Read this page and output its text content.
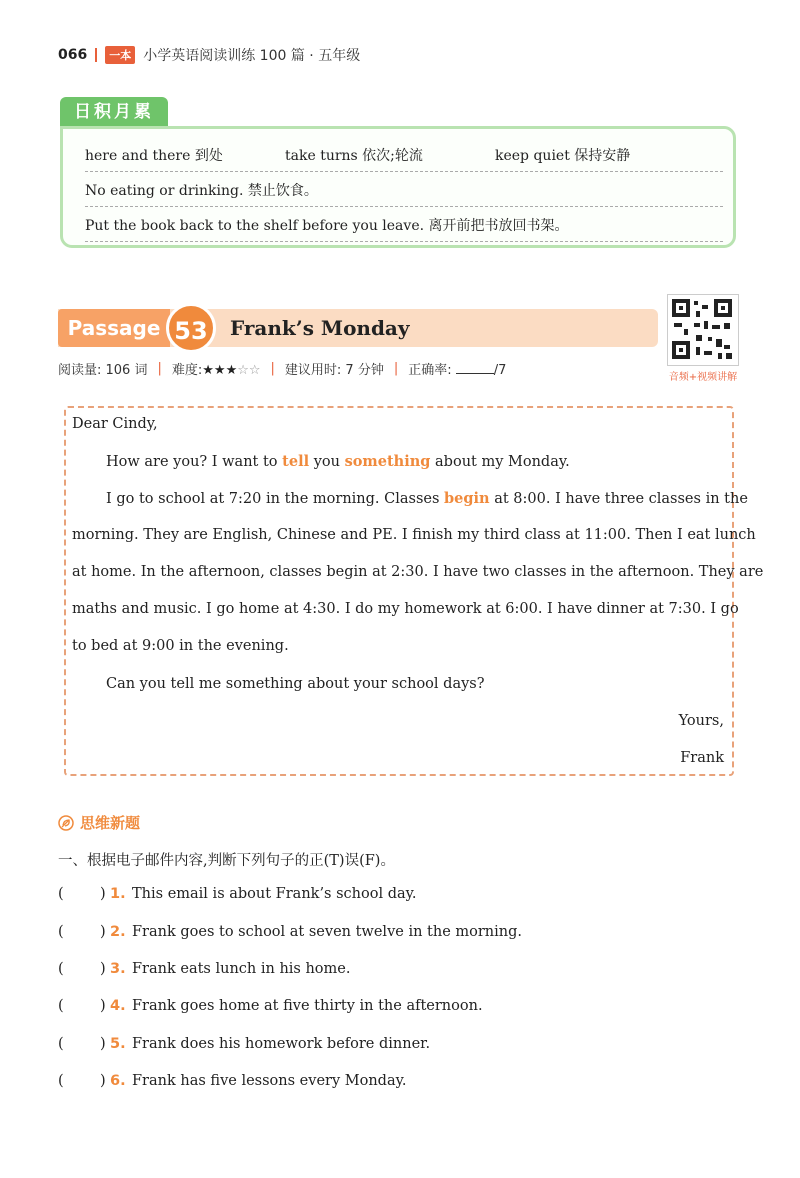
066	一本 小学英语阅读训练 100 篇 · 五年级
日积月累
here and there 到处	take turns 依次;轮流	keep quiet 保持安静
No eating or drinking. 禁止饮食。
Put the book back to the shelf before you leave. 离开前把书放回书架。
Passage 53	Frank’s Monday
音频+视频讲解
阅读量: 106 词 | 难度:★★★☆☆ | 建议用时: 7 分钟 | 正确率:	/7
Dear Cindy,
How are you? I want to tell you something about my Monday.
I go to school at 7:20 in the morning. Classes begin at 8:00. I have three classes in the
morning. They are English, Chinese and PE. I finish my third class at 11:00. Then I eat lunch
at home. In the afternoon, classes begin at 2:30. I have two classes in the afternoon. They are
maths and music. I go home at 4:30. I do my homework at 6:00. I have dinner at 7:30. I go
to bed at 9:00 in the evening.
Can you tell me something about your school days?
Yours,
Frank
思维新题
一、根据电子邮件内容,判断下列句子的正(T)误(F)。
(	) 1. This email is about Frank’s school day.
(	) 2. Frank goes to school at seven twelve in the morning.
(	) 3. Frank eats lunch in his home.
(	) 4. Frank goes home at five thirty in the afternoon.
(	) 5. Frank does his homework before dinner.
(	) 6. Frank has five lessons every Monday.
